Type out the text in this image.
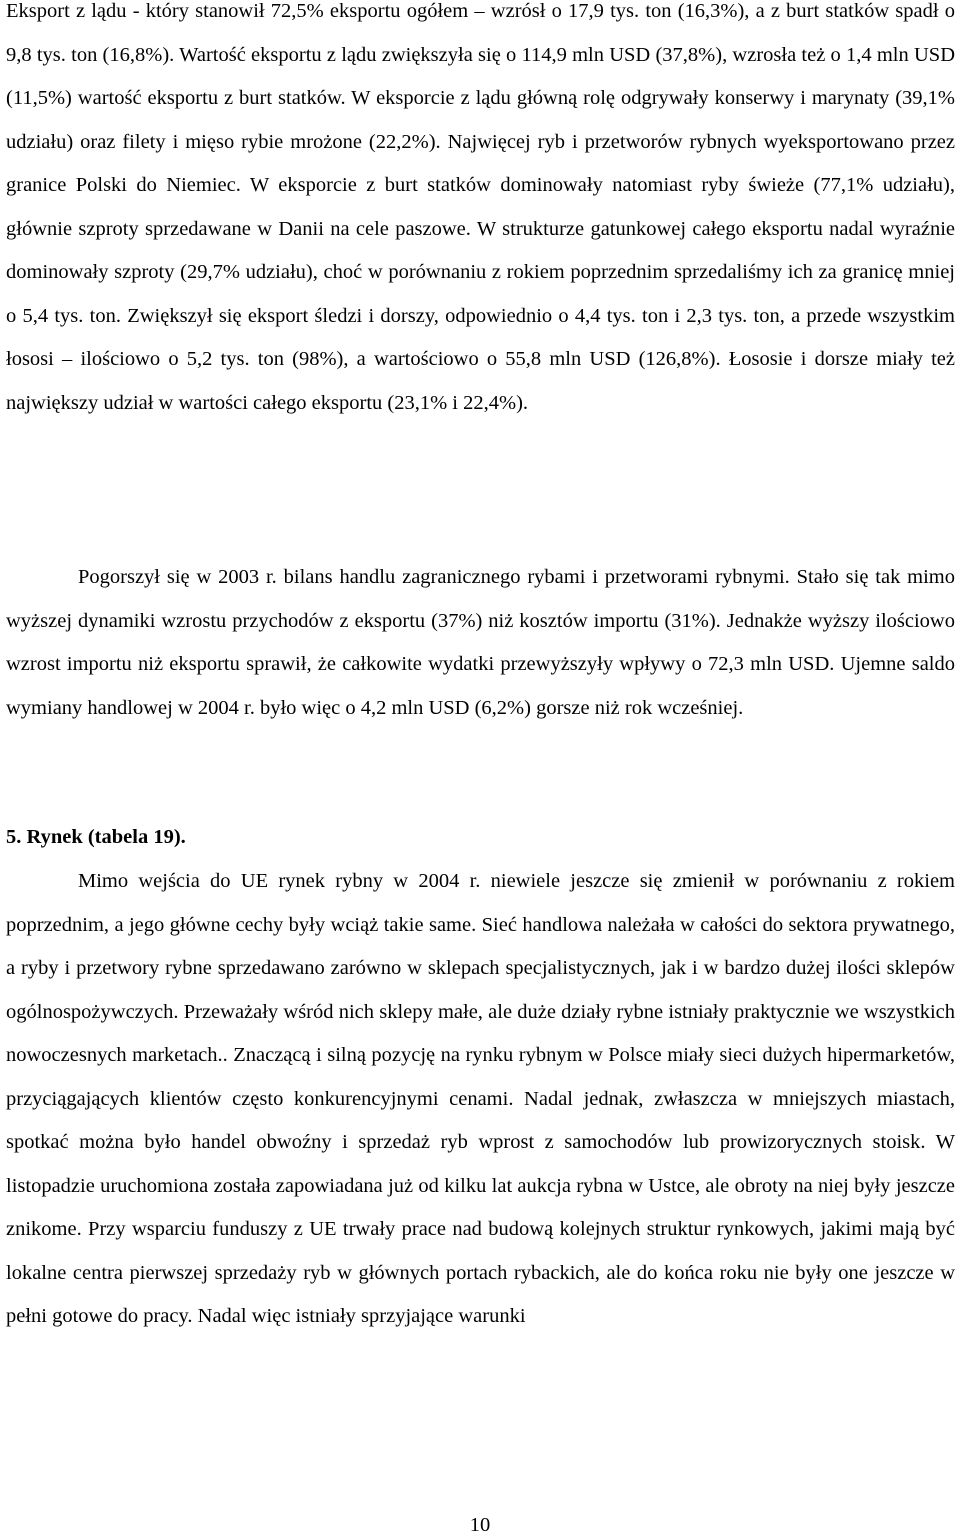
Eksport z lądu - który stanowił 72,5% eksportu ogółem – wzrósł o 17,9 tys. ton (16,3%), a z burt statków spadł o 9,8 tys. ton (16,8%). Wartość eksportu z lądu zwiększyła się o 114,9 mln USD (37,8%), wzrosła też o 1,4 mln USD (11,5%) wartość eksportu z burt statków. W eksporcie z lądu główną rolę odgrywały konserwy i marynaty (39,1% udziału) oraz filety i mięso rybie mrożone (22,2%). Najwięcej ryb i przetworów rybnych wyeksportowano przez granice Polski do Niemiec. W eksporcie z burt statków dominowały natomiast ryby świeże (77,1% udziału), głównie szproty sprzedawane w Danii na cele paszowe. W strukturze gatunkowej całego eksportu nadal wyraźnie dominowały szproty (29,7% udziału), choć w porównaniu z rokiem poprzednim sprzedaliśmy ich za granicę mniej o 5,4 tys. ton. Zwiększył się eksport śledzi i dorszy, odpowiednio o 4,4 tys. ton i 2,3 tys. ton, a przede wszystkim łososi – ilościowo o 5,2 tys. ton (98%), a wartościowo o 55,8 mln USD (126,8%). Łososie i dorsze miały też największy udział w wartości całego eksportu (23,1% i 22,4%).

Pogorszył się w 2003 r. bilans handlu zagranicznego rybami i przetworami rybnymi. Stało się tak mimo wyższej dynamiki wzrostu przychodów z eksportu (37%) niż kosztów importu (31%). Jednakże wyższy ilościowo wzrost importu niż eksportu sprawił, że całkowite wydatki przewyższyły wpływy o 72,3 mln USD. Ujemne saldo wymiany handlowej w 2004 r. było więc o 4,2 mln USD (6,2%) gorsze niż rok wcześniej.

5. Rynek (tabela 19).

Mimo wejścia do UE rynek rybny w 2004 r. niewiele jeszcze się zmienił w porównaniu z rokiem poprzednim, a jego główne cechy były wciąż takie same. Sieć handlowa należała w całości do sektora prywatnego, a ryby i przetwory rybne sprzedawano zarówno w sklepach specjalistycznych, jak i w bardzo dużej ilości sklepów ogólnospożywczych. Przeważały wśród nich sklepy małe, ale duże działy rybne istniały praktycznie we wszystkich nowoczesnych marketach.. Znaczącą i silną pozycję na rynku rybnym w Polsce miały sieci dużych hipermarketów, przyciągających klientów często konkurencyjnymi cenami. Nadal jednak, zwłaszcza w mniejszych miastach, spotkać można było handel obwoźny i sprzedaż ryb wprost z samochodów lub prowizorycznych stoisk. W listopadzie uruchomiona została zapowiadana już od kilku lat aukcja rybna w Ustce, ale obroty na niej były jeszcze znikome. Przy wsparciu funduszy z UE trwały prace nad budową kolejnych struktur rynkowych, jakimi mają być lokalne centra pierwszej sprzedaży ryb w głównych portach rybackich, ale do końca roku nie były one jeszcze w pełni gotowe do pracy. Nadal więc istniały sprzyjające warunki

10
